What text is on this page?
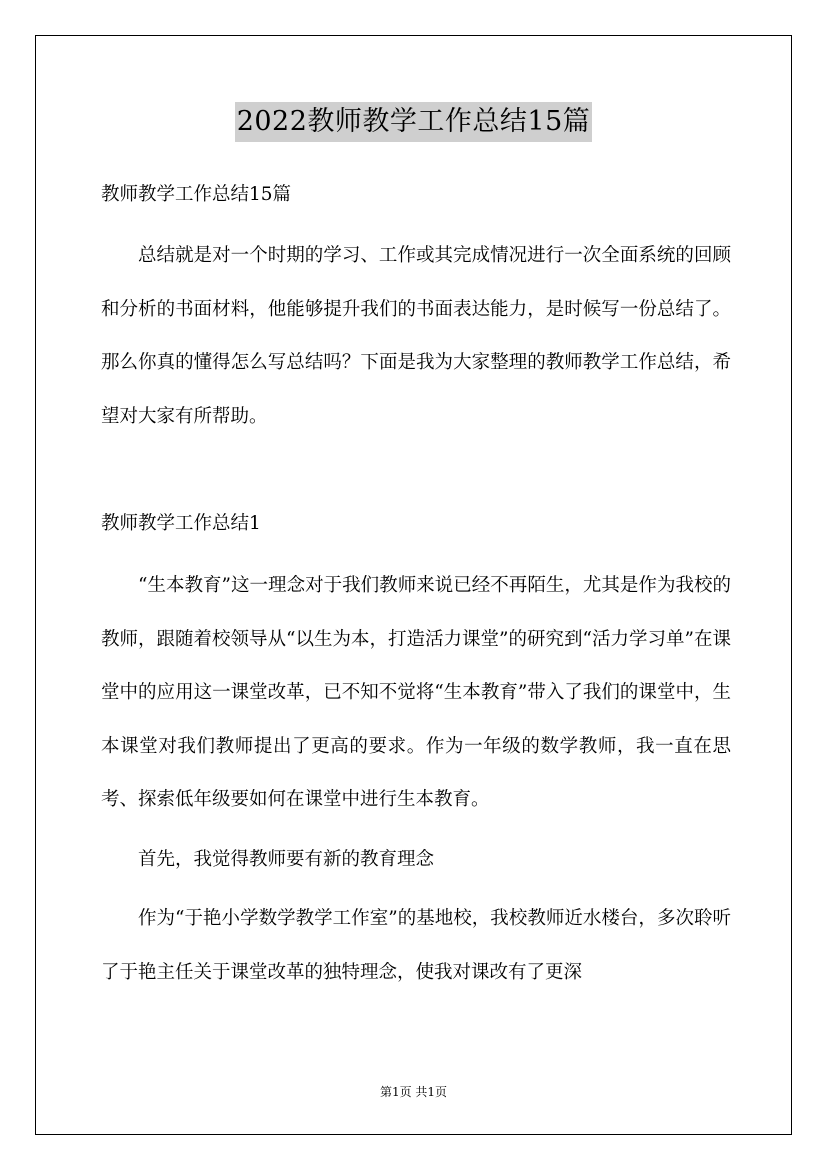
2022教师教学工作总结15篇

教师教学工作总结15篇

总结就是对一个时期的学习、工作或其完成情况进行一次全面系统的回顾和分析的书面材料，他能够提升我们的书面表达能力，是时候写一份总结了。那么你真的懂得怎么写总结吗？下面是我为大家整理的教师教学工作总结，希望对大家有所帮助。

教师教学工作总结1

“生本教育”这一理念对于我们教师来说已经不再陌生，尤其是作为我校的教师，跟随着校领导从“以生为本，打造活力课堂”的研究到“活力学习单”在课堂中的应用这一课堂改革，已不知不觉将“生本教育”带入了我们的课堂中，生本课堂对我们教师提出了更高的要求。作为一年级的数学教师，我一直在思考、探索低年级要如何在课堂中进行生本教育。

首先，我觉得教师要有新的教育理念

作为“于艳小学数学教学工作室”的基地校，我校教师近水楼台，多次聆听了于艳主任关于课堂改革的独特理念，使我对课改有了更深

第1页 共1页
